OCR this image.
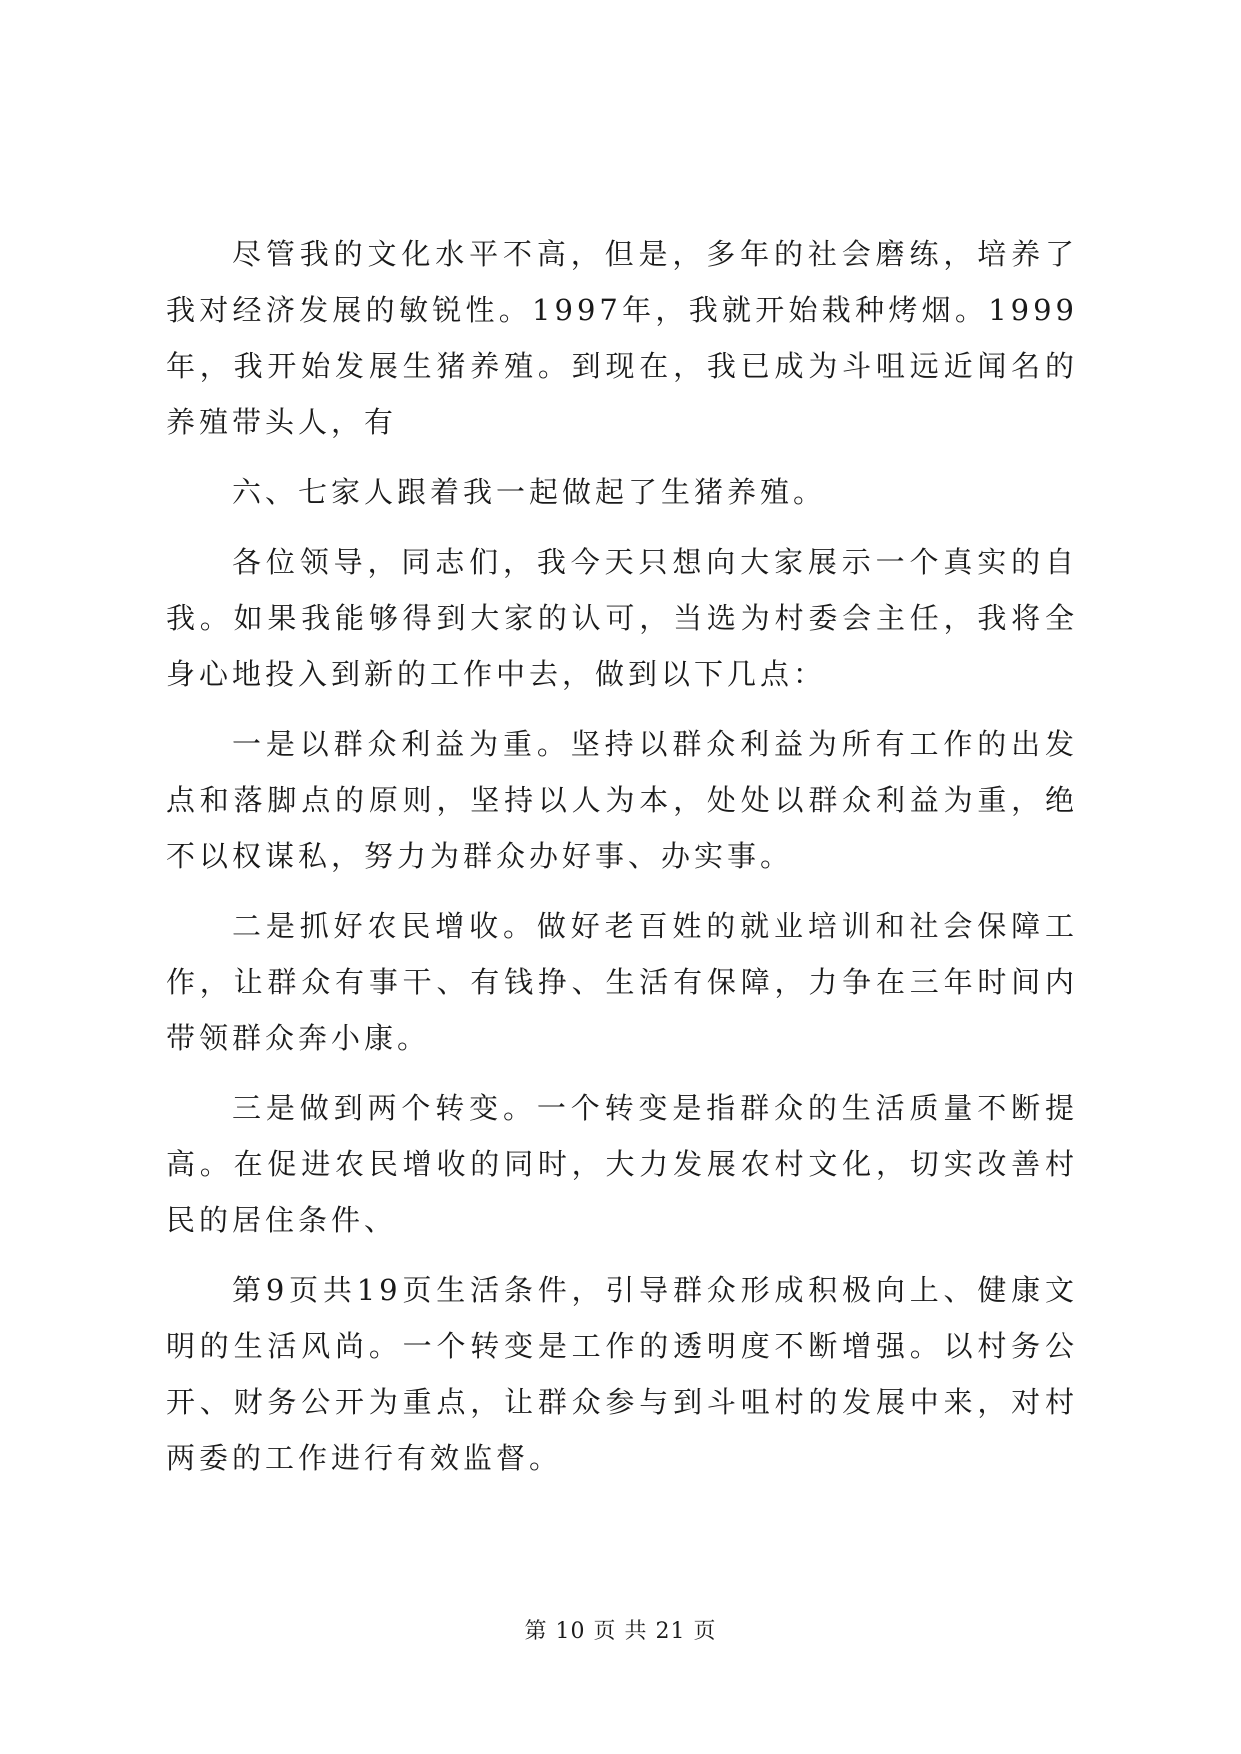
尽管我的文化水平不高，但是，多年的社会磨练，培养了我对经济发展的敏锐性。1997年，我就开始栽种烤烟。1999年，我开始发展生猪养殖。到现在，我已成为斗咀远近闻名的养殖带头人，有

六、七家人跟着我一起做起了生猪养殖。

各位领导，同志们，我今天只想向大家展示一个真实的自我。如果我能够得到大家的认可，当选为村委会主任，我将全身心地投入到新的工作中去，做到以下几点：

一是以群众利益为重。坚持以群众利益为所有工作的出发点和落脚点的原则，坚持以人为本，处处以群众利益为重，绝不以权谋私，努力为群众办好事、办实事。

二是抓好农民增收。做好老百姓的就业培训和社会保障工作，让群众有事干、有钱挣、生活有保障，力争在三年时间内带领群众奔小康。

三是做到两个转变。一个转变是指群众的生活质量不断提高。在促进农民增收的同时，大力发展农村文化，切实改善村民的居住条件、

第9页共19页生活条件，引导群众形成积极向上、健康文明的生活风尚。一个转变是工作的透明度不断增强。以村务公开、财务公开为重点，让群众参与到斗咀村的发展中来，对村两委的工作进行有效监督。

第 10 页 共 21 页
